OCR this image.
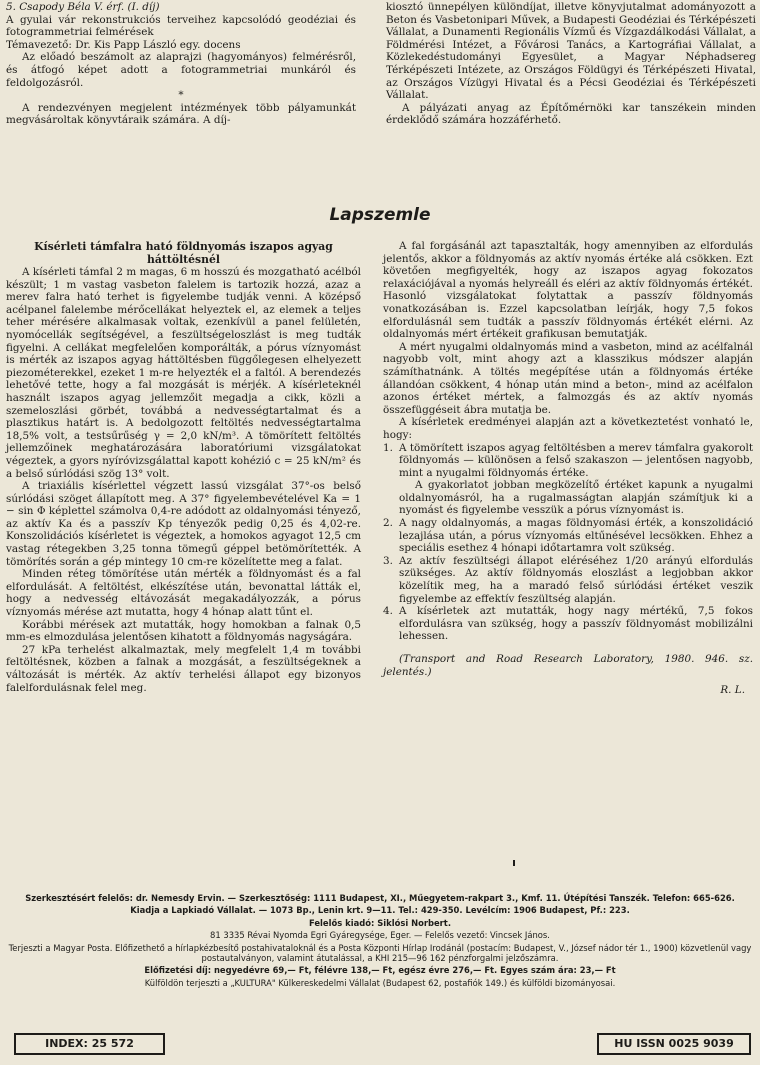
5. Csapody Béla V. érf. (I. díj)

A gyulai vár rekonstrukciós terveihez kapcsolódó geodéziai és fotogrammetriai felmérések

Témavezető: Dr. Kis Papp László egy. docens

Az előadó beszámolt az alaprajzi (hagyományos) felmérésről, és átfogó képet adott a fotogrammetriai munkáról és feldolgozásról.

*

A rendezvényen megjelent intézmények több pályamunkát megvásároltak könyvtáraik számára. A díj-

kiosztó ünnepélyen különdíjat, illetve könyvjutalmat adományozott a Beton és Vasbetonipari Művek, a Budapesti Geodéziai és Térképészeti Vállalat, a Dunamenti Regionális Vízmű és Vízgazdálkodási Vállalat, a Földmérési Intézet, a Fővárosi Tanács, a Kartográfiai Vállalat, a Közlekedéstudományi Egyesület, a Magyar Néphadsereg Térképészeti Intézete, az Országos Földügyi és Térképészeti Hivatal, az Országos Vízügyi Hivatal és a Pécsi Geodéziai és Térképészeti Vállalat.

A pályázati anyag az Építőmérnöki kar tanszékein minden érdeklődő számára hozzáférhető.

Lapszemle

Kísérleti támfalra ható földnyomás iszapos agyag háttöltésnél

A kísérleti támfal 2 m magas, 6 m hosszú és mozgatható acélból készült; 1 m vastag vasbeton falelem is tartozik hozzá, azaz a merev falra ható terhet is figyelembe tudják venni. A középső acélpanel falelembe mérőcellákat helyeztek el, az elemek a teljes teher mérésére alkalmasak voltak, ezenkívül a panel felületén, nyomócellák segítségével, a feszültségeloszlást is meg tudták figyelni. A cellákat megfelelően komporálták, a pórus víznyomást is mérték az iszapos agyag háttöltésben függőlegesen elhelyezett piezométerekkel, ezeket 1 m-re helyezték el a faltól. A berendezés lehetővé tette, hogy a fal mozgását is mérjék. A kísérleteknél használt iszapos agyag jellemzőit megadja a cikk, közli a szemeloszlási görbét, továbbá a nedvességtartalmat és a plasztikus határt is. A bedolgozott feltöltés nedvességtartalma 18,5% volt, a testsűrűség γ = 2,0 kN/m³. A tömörített feltöltés jellemzőinek meghatározására laboratóriumi vizsgálatokat végeztek, a gyors nyíróvizsgálattal kapott kohézió c = 25 kN/m² és a belső súrlódási szög 13° volt.

A triaxiális kísérlettel végzett lassú vizsgálat 37°-os belső súrlódási szöget állapított meg. A 37° figyelembevételével Ka = 1 − sin Φ képlettel számolva 0,4-re adódott az oldalnyomási tényező, az aktív Ka és a passzív Kp tényezők pedig 0,25 és 4,02-re. Konszolidációs kísérletet is végeztek, a homokos agyagot 12,5 cm vastag rétegekben 3,25 tonna tömegű géppel betömörítették. A tömörítés során a gép mintegy 10 cm-re közelítette meg a falat.

Minden réteg tömörítése után mérték a földnyomást és a fal elfordulását. A feltöltést, elkészítése után, bevonattal látták el, hogy a nedvesség eltávozását megakadályozzák, a pórus víznyomás mérése azt mutatta, hogy 4 hónap alatt tűnt el.

Korábbi mérések azt mutatták, hogy homokban a falnak 0,5 mm-es elmozdulása jelentősen kihatott a földnyomás nagyságára.

27 kPa terhelést alkalmaztak, mely megfelelt 1,4 m további feltöltésnek, közben a falnak a mozgását, a feszültségeknek a változását is mérték. Az aktív terhelési állapot egy bizonyos falelfordulásnak felel meg.

A fal forgásánál azt tapasztalták, hogy amennyiben az elfordulás jelentős, akkor a földnyomás az aktív nyomás értéke alá csökken. Ezt követően megfigyelték, hogy az iszapos agyag fokozatos relaxációjával a nyomás helyreáll és eléri az aktív földnyomás értékét. Hasonló vizsgálatokat folytattak a passzív földnyomás vonatkozásában is. Ezzel kapcsolatban leírják, hogy 7,5 fokos elfordulásnál sem tudták a passzív földnyomás értékét elérni. Az oldalnyomás mért értékeit grafikusan bemutatják.

A mért nyugalmi oldalnyomás mind a vasbeton, mind az acélfalnál nagyobb volt, mint ahogy azt a klasszikus módszer alapján számíthatnánk. A töltés megépítése után a földnyomás értéke állandóan csökkent, 4 hónap után mind a beton-, mind az acélfalon azonos értéket mértek, a falmozgás és az aktív nyomás összefüggéseit ábra mutatja be.

A kísérletek eredményei alapján azt a következtetést vonható le, hogy:

1. A tömörített iszapos agyag feltöltésben a merev támfalra gyakorolt földnyomás — különösen a felső szakaszon — jelentősen nagyobb, mint a nyugalmi földnyomás értéke.

A gyakorlatot jobban megközelítő értéket kapunk a nyugalmi oldalnyomásról, ha a rugalmasságtan alapján számítjuk ki a nyomást és figyelembe vesszük a pórus víznyomást is.

2. A nagy oldalnyomás, a magas földnyomási érték, a konszolidáció lezajlása után, a pórus víznyomás eltűnésével lecsökken. Ehhez a speciális esethez 4 hónapi időtartamra volt szükség.

3. Az aktív feszültségi állapot eléréséhez 1/20 arányú elfordulás szükséges. Az aktív földnyomás eloszlást a legjobban akkor közelítik meg, ha a maradó felső súrlódási értéket veszik figyelembe az effektív feszültség alapján.

4. A kísérletek azt mutatták, hogy nagy mértékű, 7,5 fokos elfordulásra van szükség, hogy a passzív földnyomást mobilizálni lehessen.

(Transport and Road Research Laboratory, 1980. 946. sz. jelentés.)

R. L.

Szerkesztésért felelős: dr. Nemesdy Ervin. — Szerkesztőség: 1111 Budapest, XI., Műegyetem-rakpart 3., Kmf. 11. Útépítési Tanszék. Telefon: 665-626.

Kiadja a Lapkiadó Vállalat. — 1073 Bp., Lenin krt. 9—11. Tel.: 429-350. Levélcím: 1906 Budapest, Pf.: 223.

Felelős kiadó: Siklósi Norbert.

81 3335 Révai Nyomda Egri Gyáregysége, Eger. — Felelős vezető: Vincsek János.

Terjeszti a Magyar Posta. Előfizethető a hírlapkézbesítő postahivataloknál és a Posta Központi Hírlap Irodánál (postacím: Budapest, V., József nádor tér 1., 1900) közvetlenül vagy postautalványon, valamint átutalással, a KHI 215—96 162 pénzforgalmi jelzőszámra.

Előfizetési díj: negyedévre 69,— Ft, félévre 138,— Ft, egész évre 276,— Ft. Egyes szám ára: 23,— Ft

Külföldön terjeszti a „KULTURA" Külkereskedelmi Vállalat (Budapest 62, postafiók 149.) és külföldi bizományosai.

INDEX: 25 572	HU ISSN 0025 9039
